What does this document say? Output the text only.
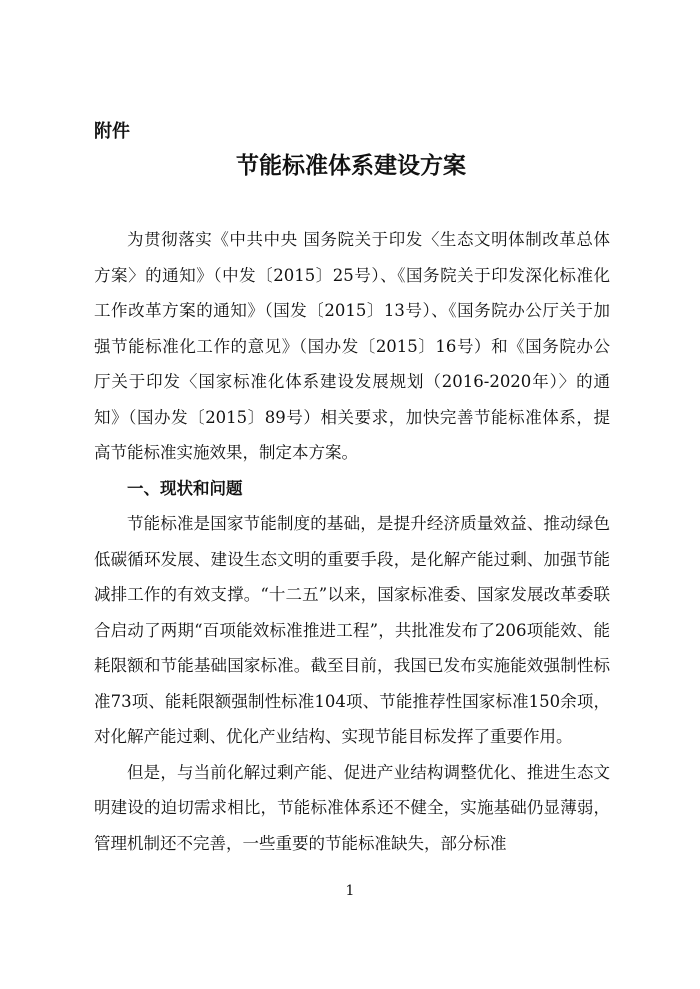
附件

节能标准体系建设方案

为贯彻落实《中共中央 国务院关于印发〈生态文明体制改革总体方案〉的通知》（中发〔2015〕25号）、《国务院关于印发深化标准化工作改革方案的通知》（国发〔2015〕13号）、《国务院办公厅关于加强节能标准化工作的意见》（国办发〔2015〕16号）和《国务院办公厅关于印发〈国家标准化体系建设发展规划（2016-2020年）〉的通知》（国办发〔2015〕89号）相关要求，加快完善节能标准体系，提高节能标准实施效果，制定本方案。

一、现状和问题

节能标准是国家节能制度的基础，是提升经济质量效益、推动绿色低碳循环发展、建设生态文明的重要手段，是化解产能过剩、加强节能减排工作的有效支撑。“十二五”以来，国家标准委、国家发展改革委联合启动了两期“百项能效标准推进工程”，共批准发布了206项能效、能耗限额和节能基础国家标准。截至目前，我国已发布实施能效强制性标准73项、能耗限额强制性标准104项、节能推荐性国家标准150余项，对化解产能过剩、优化产业结构、实现节能目标发挥了重要作用。

但是，与当前化解过剩产能、促进产业结构调整优化、推进生态文明建设的迫切需求相比，节能标准体系还不健全，实施基础仍显薄弱，管理机制还不完善，一些重要的节能标准缺失，部分标准

1
